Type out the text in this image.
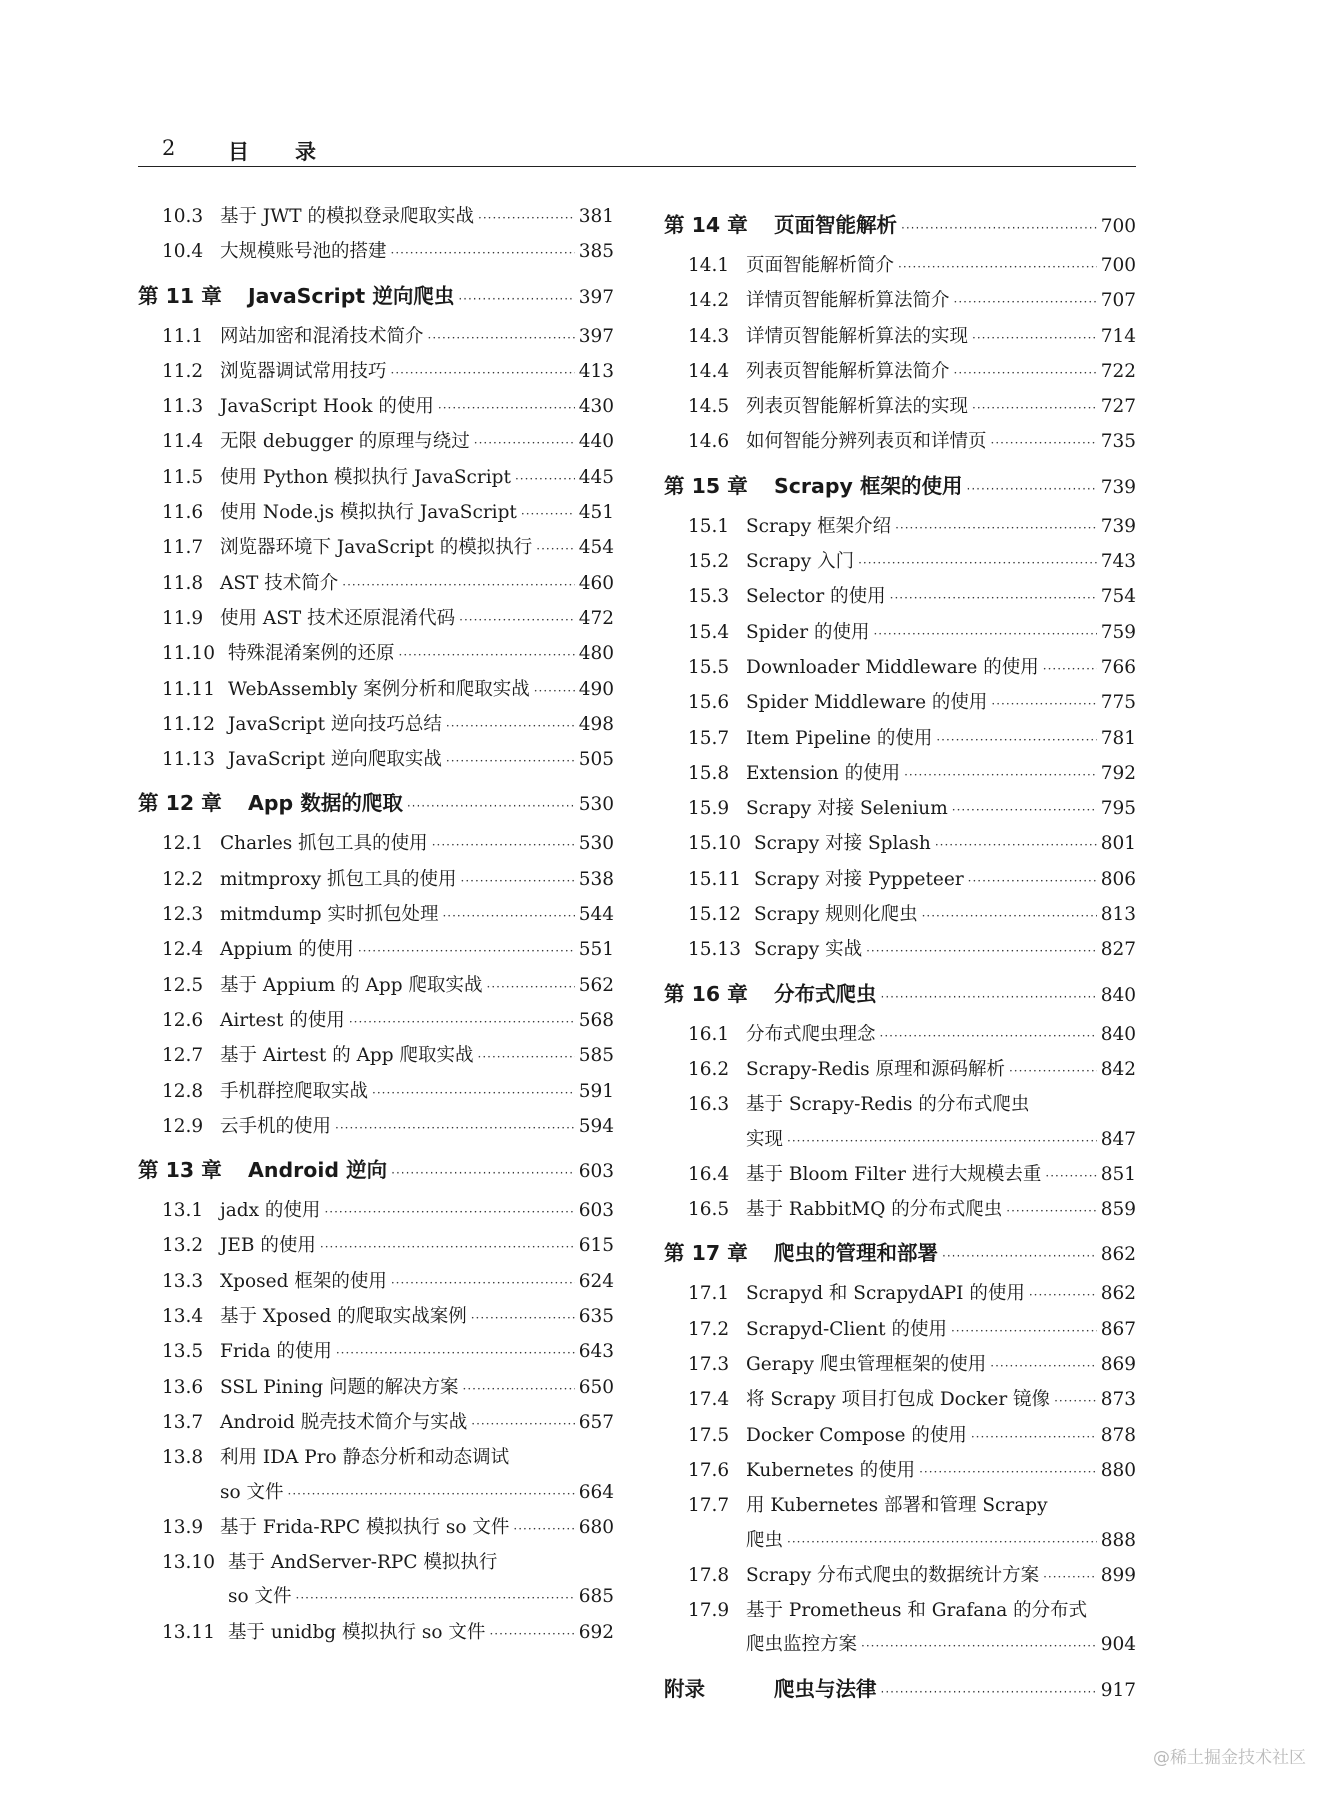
2	目录
10.3 基于 JWT 的模拟登录爬取实战 ·····	381
10.4 大规模账号池的搭建 ·····	385
第 11 章	JavaScript 逆向爬虫 ·····	397
11.1 网站加密和混淆技术简介 ·····	397
11.2 浏览器调试常用技巧 ·····	413
11.3 JavaScript Hook 的使用 ·····	430
11.4 无限 debugger 的原理与绕过 ·····	440
11.5 使用 Python 模拟执行 JavaScript ·····	445
11.6 使用 Node.js 模拟执行 JavaScript ·····	451
11.7 浏览器环境下 JavaScript 的模拟执行 ·····	454
11.8 AST 技术简介 ·····	460
11.9 使用 AST 技术还原混淆代码 ·····	472
11.10 特殊混淆案例的还原 ·····	480
11.11 WebAssembly 案例分析和爬取实战 ·····	490
11.12 JavaScript 逆向技巧总结 ·····	498
11.13 JavaScript 逆向爬取实战 ·····	505
第 12 章	App 数据的爬取 ·····	530
12.1 Charles 抓包工具的使用 ·····	530
12.2 mitmproxy 抓包工具的使用 ·····	538
12.3 mitmdump 实时抓包处理 ·····	544
12.4 Appium 的使用 ·····	551
12.5 基于 Appium 的 App 爬取实战 ·····	562
12.6 Airtest 的使用 ·····	568
12.7 基于 Airtest 的 App 爬取实战 ·····	585
12.8 手机群控爬取实战 ·····	591
12.9 云手机的使用 ·····	594
第 13 章	Android 逆向 ·····	603
13.1 jadx 的使用 ·····	603
13.2 JEB 的使用 ·····	615
13.3 Xposed 框架的使用 ·····	624
13.4 基于 Xposed 的爬取实战案例 ·····	635
13.5 Frida 的使用 ·····	643
13.6 SSL Pining 问题的解决方案 ·····	650
13.7 Android 脱壳技术简介与实战 ·····	657
13.8 利用 IDA Pro 静态分析和动态调试
so 文件 ·····	664
13.9 基于 Frida-RPC 模拟执行 so 文件 ·····	680
13.10 基于 AndServer-RPC 模拟执行
so 文件 ·····	685
13.11 基于 unidbg 模拟执行 so 文件 ·····	692
第 14 章	页面智能解析 ·····	700
14.1 页面智能解析简介 ·····	700
14.2 详情页智能解析算法简介 ·····	707
14.3 详情页智能解析算法的实现 ·····	714
14.4 列表页智能解析算法简介 ·····	722
14.5 列表页智能解析算法的实现 ·····	727
14.6 如何智能分辨列表页和详情页 ·····	735
第 15 章	Scrapy 框架的使用 ·····	739
15.1 Scrapy 框架介绍 ·····	739
15.2 Scrapy 入门 ·····	743
15.3 Selector 的使用 ·····	754
15.4 Spider 的使用 ·····	759
15.5 Downloader Middleware 的使用 ·····	766
15.6 Spider Middleware 的使用 ·····	775
15.7 Item Pipeline 的使用 ·····	781
15.8 Extension 的使用 ·····	792
15.9 Scrapy 对接 Selenium ·····	795
15.10 Scrapy 对接 Splash ·····	801
15.11 Scrapy 对接 Pyppeteer ·····	806
15.12 Scrapy 规则化爬虫 ·····	813
15.13 Scrapy 实战 ·····	827
第 16 章	分布式爬虫 ·····	840
16.1 分布式爬虫理念 ·····	840
16.2 Scrapy-Redis 原理和源码解析 ·····	842
16.3 基于 Scrapy-Redis 的分布式爬虫
实现 ·····	847
16.4 基于 Bloom Filter 进行大规模去重 ·····	851
16.5 基于 RabbitMQ 的分布式爬虫 ·····	859
第 17 章	爬虫的管理和部署 ·····	862
17.1 Scrapyd 和 ScrapydAPI 的使用 ·····	862
17.2 Scrapyd-Client 的使用 ·····	867
17.3 Gerapy 爬虫管理框架的使用 ·····	869
17.4 将 Scrapy 项目打包成 Docker 镜像 ·····	873
17.5 Docker Compose 的使用 ·····	878
17.6 Kubernetes 的使用 ·····	880
17.7 用 Kubernetes 部署和管理 Scrapy
爬虫 ·····	888
17.8 Scrapy 分布式爬虫的数据统计方案 ·····	899
17.9 基于 Prometheus 和 Grafana 的分布式
爬虫监控方案 ·····	904
附录	爬虫与法律 ·····	917
@稀土掘金技术社区
